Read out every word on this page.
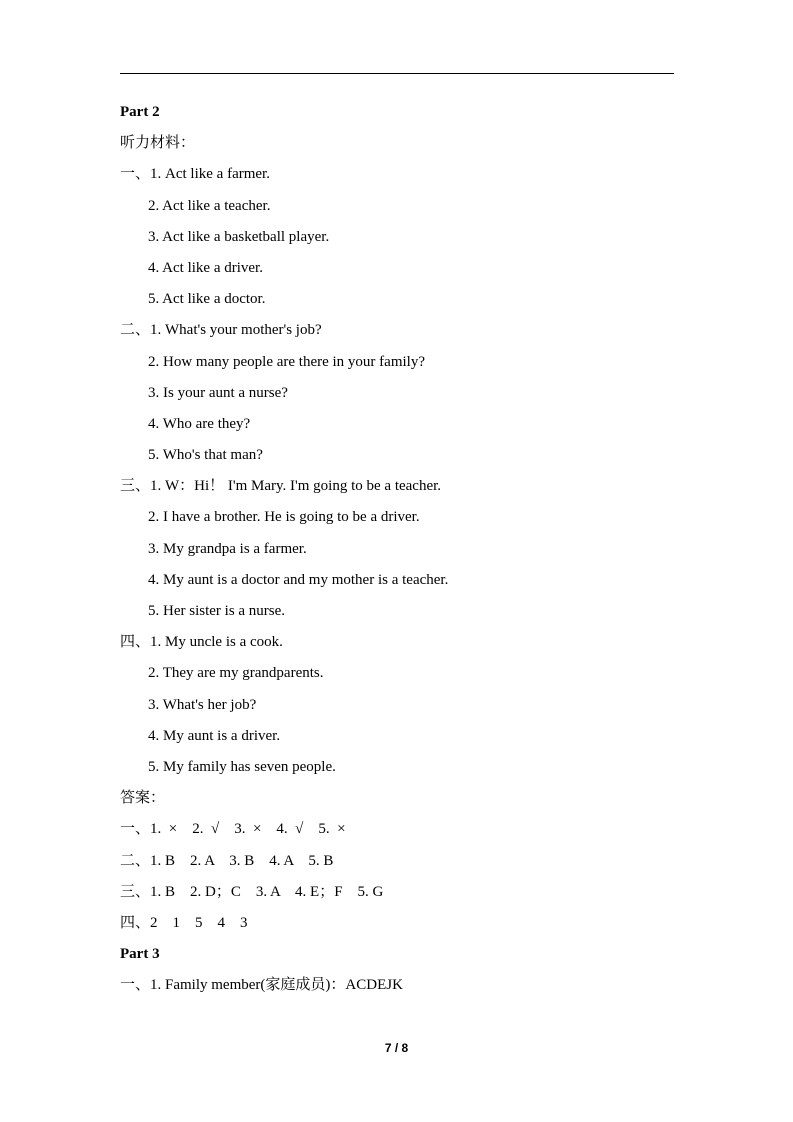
Part 2
听力材料：
一、1. Act like a farmer.
2. Act like a teacher.
3. Act like a basketball player.
4. Act like a driver.
5. Act like a doctor.
二、1. What's your mother's job?
2. How many people are there in your family?
3. Is your aunt a nurse?
4. Who are they?
5. Who's that man?
三、1. W：Hi！ I'm Mary. I'm going to be a teacher.
2. I have a brother. He is going to be a driver.
3. My grandpa is a farmer.
4. My aunt is a doctor and my mother is a teacher.
5. Her sister is a nurse.
四、1. My uncle is a cook.
2. They are my grandparents.
3. What's her job?
4. My aunt is a driver.
5. My family has seven people.
答案：
一、1.  ×    2.  √    3.  ×    4.  √    5.  ×
二、1. B    2. A    3. B    4. A    5. B
三、1. B    2. D；C    3. A    4. E；F    5. G
四、2    1    5    4    3
Part 3
一、1. Family member(家庭成员)：ACDEJK
7 / 8
